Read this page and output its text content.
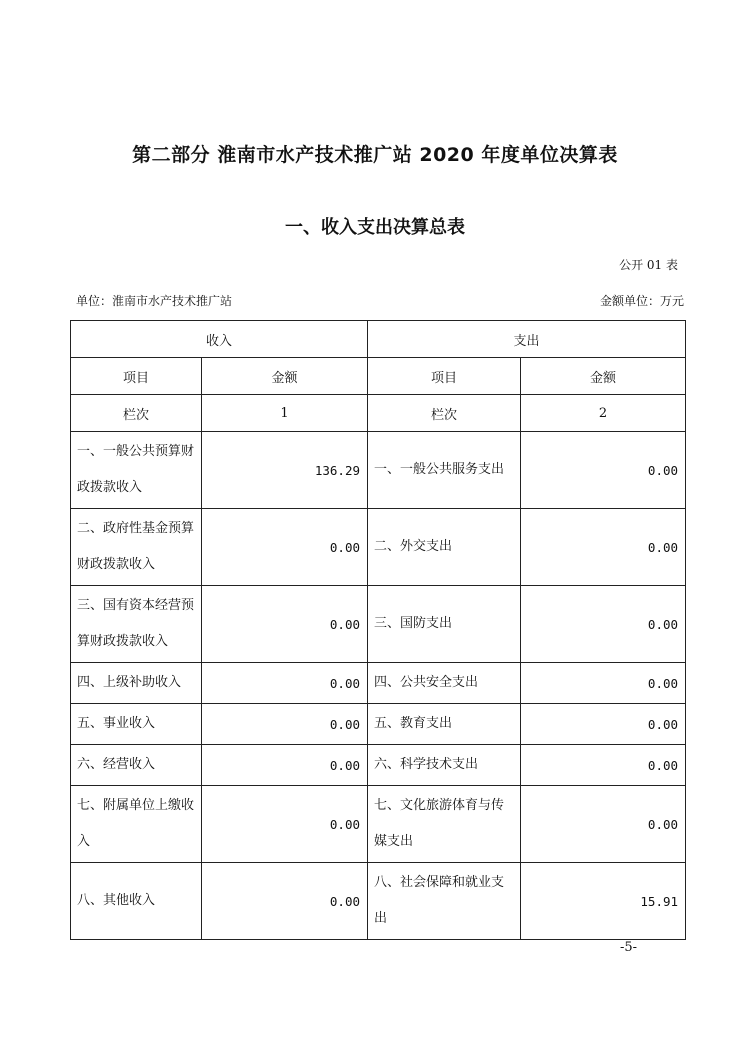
第二部分 淮南市水产技术推广站 2020 年度单位决算表
一、收入支出决算总表
公开 01 表
单位：淮南市水产技术推广站	金额单位：万元
收入		支出	
项目	金额	项目	金额
栏次	1	栏次	2
一、一般公共预算财政拨款收入	136.29	一、一般公共服务支出	0.00
二、政府性基金预算财政拨款收入	0.00	二、外交支出	0.00
三、国有资本经营预算财政拨款收入	0.00	三、国防支出	0.00
四、上级补助收入	0.00	四、公共安全支出	0.00
五、事业收入	0.00	五、教育支出	0.00
六、经营收入	0.00	六、科学技术支出	0.00
七、附属单位上缴收入	0.00	七、文化旅游体育与传媒支出	0.00
八、其他收入	0.00	八、社会保障和就业支出	15.91
-5-
